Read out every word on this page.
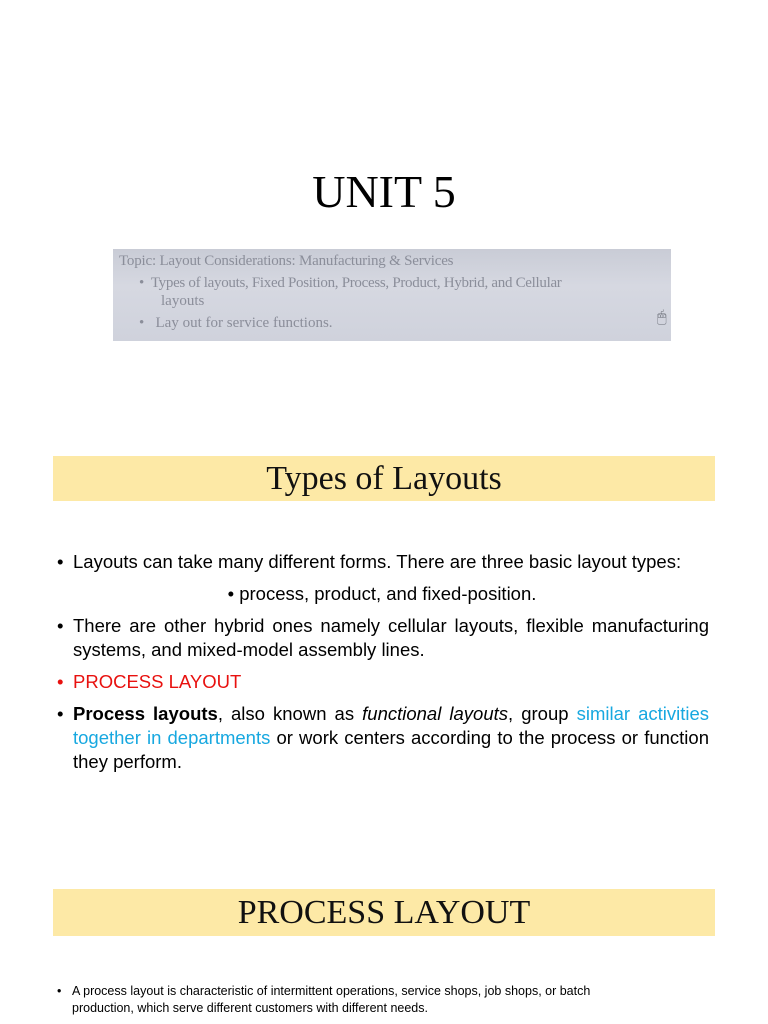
UNIT 5
Topic: Layout Considerations: Manufacturing & Services
•  Types of layouts, Fixed Position, Process, Product, Hybrid, and Cellular
layouts
•   Lay out for service functions.	🖱
Types of Layouts
• Layouts can take many different forms. There are three basic layout types:
• process, product, and fixed-position.
• There are other hybrid ones namely cellular layouts, flexible manufacturing systems, and mixed-model assembly lines.
• PROCESS LAYOUT
• Process layouts, also known as functional layouts, group similar activities together in departments or work centers according to the process or function they perform.
PROCESS LAYOUT
• A process layout is characteristic of intermittent operations, service shops, job shops, or batch production, which serve different customers with different needs.
